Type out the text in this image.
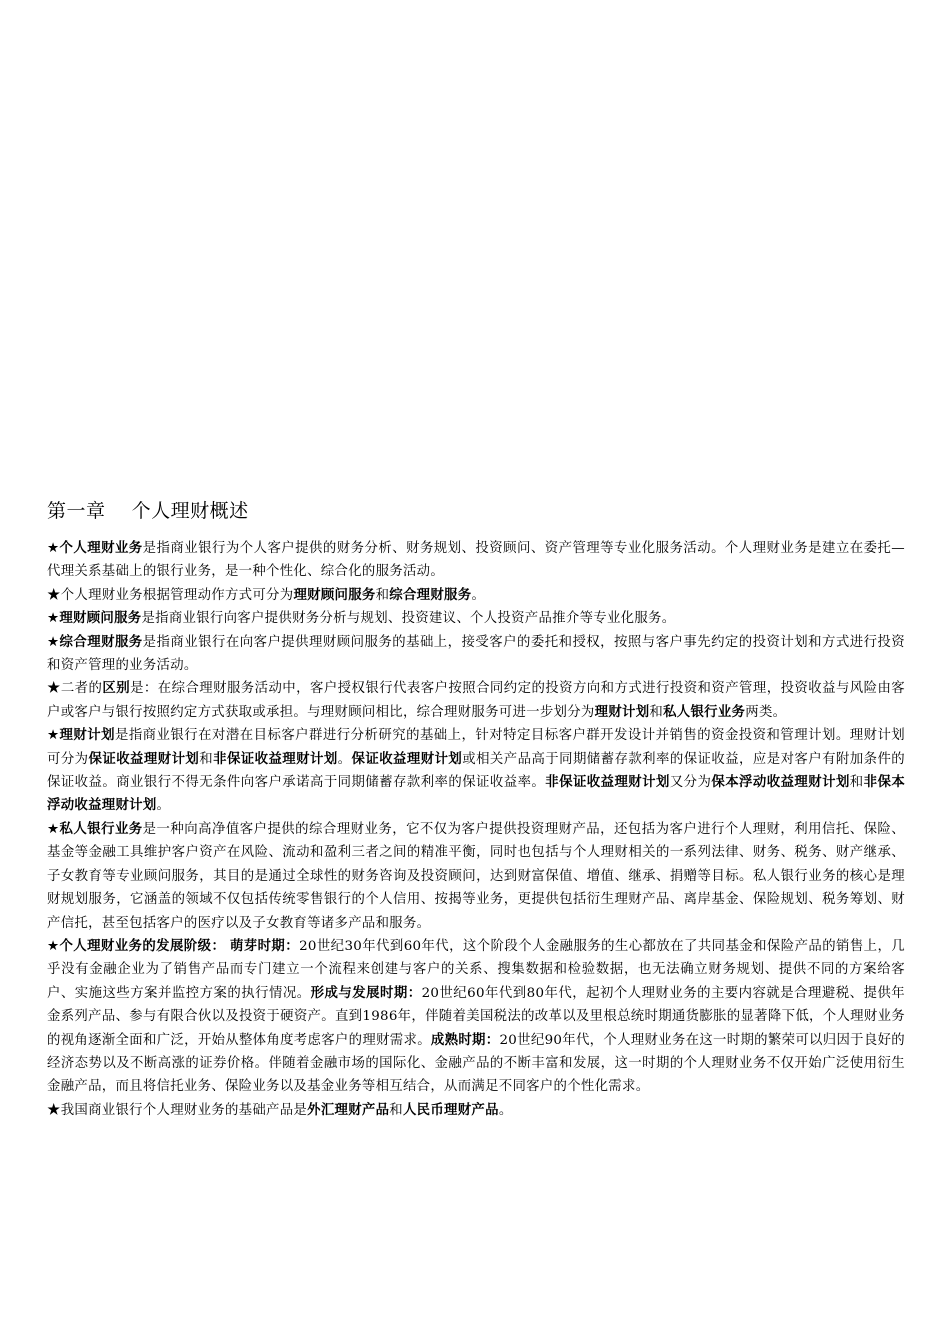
第一章    个人理财概述

★个人理财业务是指商业银行为个人客户提供的财务分析、财务规划、投资顾问、资产管理等专业化服务活动。个人理财业务是建立在委托—代理关系基础上的银行业务，是一种个性化、综合化的服务活动。

★个人理财业务根据管理动作方式可分为理财顾问服务和综合理财服务。

★理财顾问服务是指商业银行向客户提供财务分析与规划、投资建议、个人投资产品推介等专业化服务。

★综合理财服务是指商业银行在向客户提供理财顾问服务的基础上，接受客户的委托和授权，按照与客户事先约定的投资计划和方式进行投资和资产管理的业务活动。

★二者的区别是：在综合理财服务活动中，客户授权银行代表客户按照合同约定的投资方向和方式进行投资和资产管理，投资收益与风险由客户或客户与银行按照约定方式获取或承担。与理财顾问相比，综合理财服务可进一步划分为理财计划和私人银行业务两类。

★理财计划是指商业银行在对潜在目标客户群进行分析研究的基础上，针对特定目标客户群开发设计并销售的资金投资和管理计划。理财计划可分为保证收益理财计划和非保证收益理财计划。保证收益理财计划或相关产品高于同期储蓄存款利率的保证收益，应是对客户有附加条件的保证收益。商业银行不得无条件向客户承诺高于同期储蓄存款利率的保证收益率。非保证收益理财计划又分为保本浮动收益理财计划和非保本浮动收益理财计划。

★私人银行业务是一种向高净值客户提供的综合理财业务，它不仅为客户提供投资理财产品，还包括为客户进行个人理财，利用信托、保险、基金等金融工具维护客户资产在风险、流动和盈利三者之间的精准平衡，同时也包括与个人理财相关的一系列法律、财务、税务、财产继承、子女教育等专业顾问服务，其目的是通过全球性的财务咨询及投资顾问，达到财富保值、增值、继承、捐赠等目标。私人银行业务的核心是理财规划服务，它涵盖的领域不仅包括传统零售银行的个人信用、按揭等业务，更提供包括衍生理财产品、离岸基金、保险规划、税务筹划、财产信托，甚至包括客户的医疗以及子女教育等诸多产品和服务。

★个人理财业务的发展阶级： 萌芽时期：20世纪30年代到60年代，这个阶段个人金融服务的生心都放在了共同基金和保险产品的销售上，几乎没有金融企业为了销售产品而专门建立一个流程来创建与客户的关系、搜集数据和检验数据，也无法确立财务规划、提供不同的方案给客户、实施这些方案并监控方案的执行情况。形成与发展时期：20世纪60年代到80年代，起初个人理财业务的主要内容就是合理避税、提供年金系列产品、参与有限合伙以及投资于硬资产。直到1986年，伴随着美国税法的改革以及里根总统时期通货膨胀的显著降下低，个人理财业务的视角逐渐全面和广泛，开始从整体角度考虑客户的理财需求。成熟时期：20世纪90年代，个人理财业务在这一时期的繁荣可以归因于良好的经济态势以及不断高涨的证券价格。伴随着金融市场的国际化、金融产品的不断丰富和发展，这一时期的个人理财业务不仅开始广泛使用衍生金融产品，而且将信托业务、保险业务以及基金业务等相互结合，从而满足不同客户的个性化需求。

★我国商业银行个人理财业务的基础产品是外汇理财产品和人民币理财产品。
